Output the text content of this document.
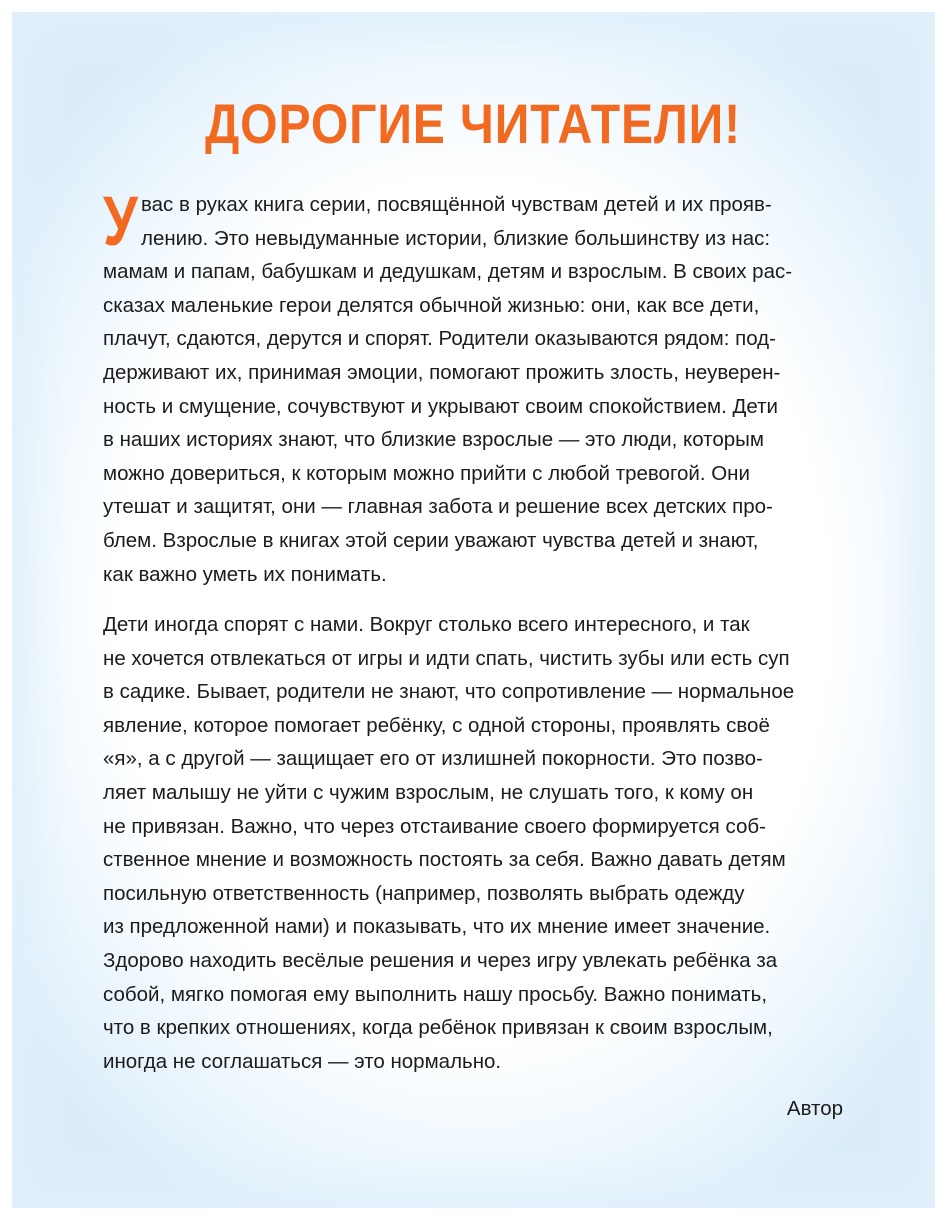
ДОРОГИЕ ЧИТАТЕЛИ!
У вас в руках книга серии, посвящённой чувствам детей и их прояв-
лению. Это невыдуманные истории, близкие большинству из нас:
мамам и папам, бабушкам и дедушкам, детям и взрослым. В своих рас-
сказах маленькие герои делятся обычной жизнью: они, как все дети,
плачут, сдаются, дерутся и спорят. Родители оказываются рядом: под-
держивают их, принимая эмоции, помогают прожить злость, неуверен-
ность и смущение, сочувствуют и укрывают своим спокойствием. Дети
в наших историях знают, что близкие взрослые — это люди, которым
можно довериться, к которым можно прийти с любой тревогой. Они
утешат и защитят, они — главная забота и решение всех детских про-
блем. Взрослые в книгах этой серии уважают чувства детей и знают,
как важно уметь их понимать.

Дети иногда спорят с нами. Вокруг столько всего интересного, и так
не хочется отвлекаться от игры и идти спать, чистить зубы или есть суп
в садике. Бывает, родители не знают, что сопротивление — нормальное
явление, которое помогает ребёнку, с одной стороны, проявлять своё
«я», а с другой — защищает его от излишней покорности. Это позво-
ляет малышу не уйти с чужим взрослым, не слушать того, к кому он
не привязан. Важно, что через отстаивание своего формируется соб-
ственное мнение и возможность постоять за себя. Важно давать детям
посильную ответственность (например, позволять выбрать одежду
из предложенной нами) и показывать, что их мнение имеет значение.
Здорово находить весёлые решения и через игру увлекать ребёнка за
собой, мягко помогая ему выполнить нашу просьбу. Важно понимать,
что в крепких отношениях, когда ребёнок привязан к своим взрослым,
иногда не соглашаться — это нормально.

Автор
